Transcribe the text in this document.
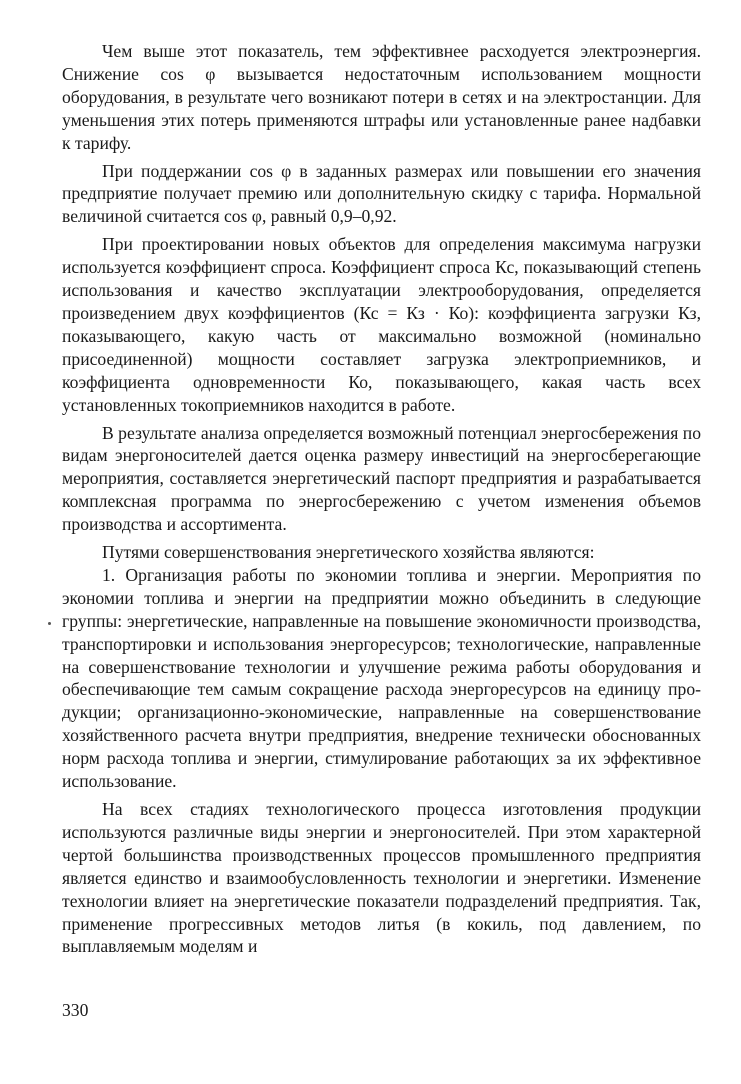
Чем выше этот показатель, тем эффективнее расходуется электроэнергия. Снижение cos φ вызывается недостаточным использованием мощности оборудования, в результате чего возникают потери в сетях и на электростанции. Для уменьшения этих потерь применяются штрафы или установленные ранее надбавки к тарифу.

При поддержании cos φ в заданных размерах или повышении его значения предприятие получает премию или дополнительную скидку с тарифа. Нормальной величиной считается cos φ, равный 0,9–0,92.

При проектировании новых объектов для определения максимума нагрузки используется коэффициент спроса. Коэффициент спроса Кс, показывающий степень использования и качество эксплуатации электрооборудования, определяется произведением двух коэффициентов (Кс = Кз · Ко): коэффициента загрузки Кз, показывающего, какую часть от максимально возможной (номинально присоединенной) мощности составляет загрузка электроприемников, и коэффициента одновременности Ко, показывающего, какая часть всех установленных токоприемников находится в работе.

В результате анализа определяется возможный потенциал энергосбережения по видам энергоносителей дается оценка размеру инвестиций на энергосберегающие мероприятия, составляется энергетический паспорт предприятия и разрабатывается комплексная программа по энергосбережению с учетом изменения объемов производства и ассортимента.

Путями совершенствования энергетического хозяйства являются:

1. Организация работы по экономии топлива и энергии. Мероприятия по экономии топлива и энергии на предприятии можно объединить в следующие группы: энергетические, направленные на повышение экономичности производства, транспортировки и использования энергоресурсов; технологические, направленные на совершенствование технологии и улучшение режима работы оборудования и обеспечивающие тем самым сокращение расхода энергоресурсов на единицу продукции; организационно-экономические, направленные на совершенствование хозяйственного расчета внутри предприятия, внедрение технически обоснованных норм расхода топлива и энергии, стимулирование работающих за их эффективное использование.

На всех стадиях технологического процесса изготовления продукции используются различные виды энергии и энергоносителей. При этом характерной чертой большинства производственных процессов промышленного предприятия является единство и взаимообусловленность технологии и энергетики. Изменение технологии влияет на энергетические показатели подразделений предприятия. Так, применение прогрессивных методов литья (в кокиль, под давлением, по выплавляемым моделям и

330
